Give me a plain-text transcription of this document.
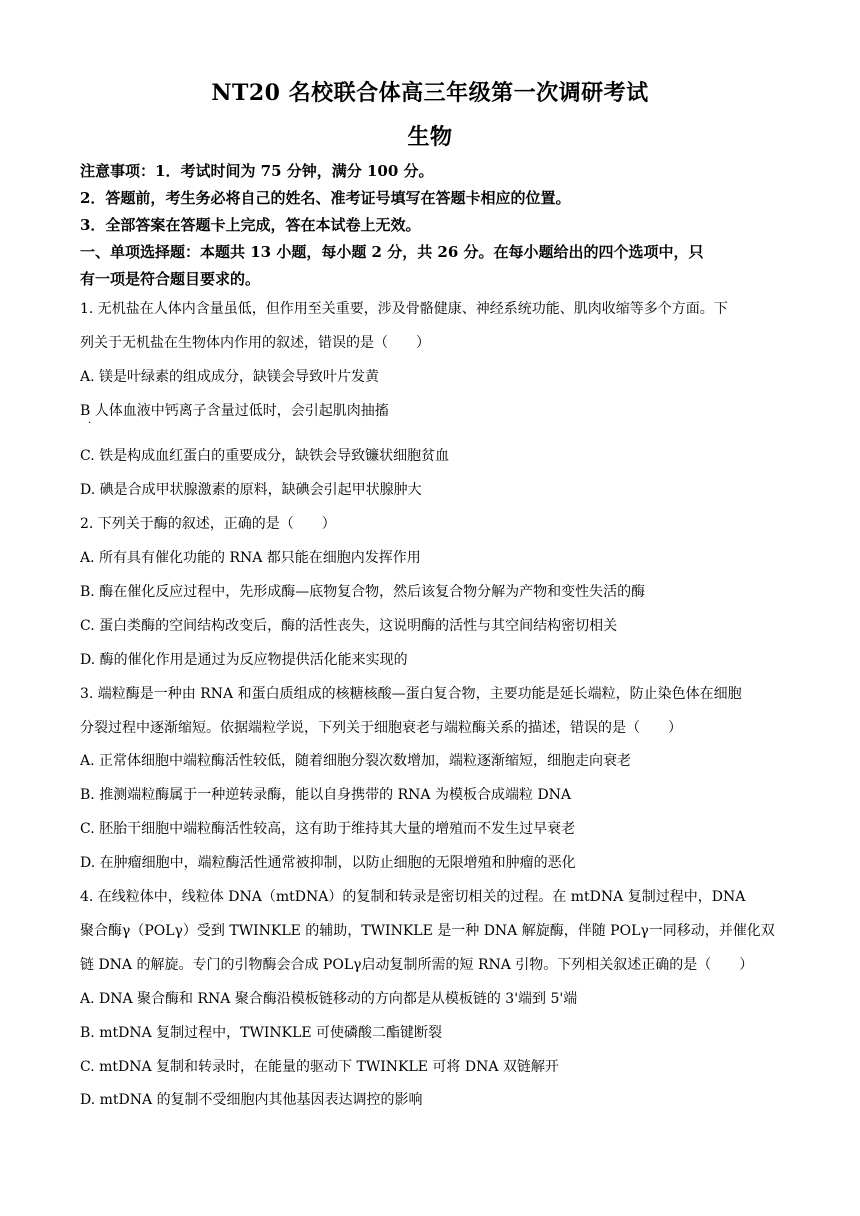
NT20 名校联合体高三年级第一次调研考试
生物
注意事项：1．考试时间为 75 分钟，满分 100 分。
2．答题前，考生务必将自己的姓名、准考证号填写在答题卡相应的位置。
3．全部答案在答题卡上完成，答在本试卷上无效。
一、单项选择题：本题共 13 小题，每小题 2 分，共 26 分。在每小题给出的四个选项中，只
有一项是符合题目要求的。
1. 无机盐在人体内含量虽低，但作用至关重要，涉及骨骼健康、神经系统功能、肌肉收缩等多个方面。下
列关于无机盐在生物体内作用的叙述，错误的是（　　）
A. 镁是叶绿素的组成成分，缺镁会导致叶片发黄
B 人体血液中钙离子含量过低时，会引起肌肉抽搐
·
C. 铁是构成血红蛋白的重要成分，缺铁会导致镰状细胞贫血
D. 碘是合成甲状腺激素的原料，缺碘会引起甲状腺肿大
2. 下列关于酶的叙述，正确的是（　　）
A. 所有具有催化功能的 RNA 都只能在细胞内发挥作用
B. 酶在催化反应过程中，先形成酶—底物复合物，然后该复合物分解为产物和变性失活的酶
C. 蛋白类酶的空间结构改变后，酶的活性丧失，这说明酶的活性与其空间结构密切相关
D. 酶的催化作用是通过为反应物提供活化能来实现的
3. 端粒酶是一种由 RNA 和蛋白质组成的核糖核酸—蛋白复合物，主要功能是延长端粒，防止染色体在细胞
分裂过程中逐渐缩短。依据端粒学说，下列关于细胞衰老与端粒酶关系的描述，错误的是（　　）
A. 正常体细胞中端粒酶活性较低，随着细胞分裂次数增加，端粒逐渐缩短，细胞走向衰老
B. 推测端粒酶属于一种逆转录酶，能以自身携带的 RNA 为模板合成端粒 DNA
C. 胚胎干细胞中端粒酶活性较高，这有助于维持其大量的增殖而不发生过早衰老
D. 在肿瘤细胞中，端粒酶活性通常被抑制，以防止细胞的无限增殖和肿瘤的恶化
4. 在线粒体中，线粒体 DNA（mtDNA）的复制和转录是密切相关的过程。在 mtDNA 复制过程中，DNA
聚合酶γ（POLγ）受到 TWINKLE 的辅助，TWINKLE 是一种 DNA 解旋酶，伴随 POLγ一同移动，并催化双
链 DNA 的解旋。专门的引物酶会合成 POLγ启动复制所需的短 RNA 引物。下列相关叙述正确的是（　　）
A. DNA 聚合酶和 RNA 聚合酶沿模板链移动的方向都是从模板链的 3'端到 5'端
B. mtDNA 复制过程中，TWINKLE 可使磷酸二酯键断裂
C. mtDNA 复制和转录时，在能量的驱动下 TWINKLE 可将 DNA 双链解开
D. mtDNA 的复制不受细胞内其他基因表达调控的影响
